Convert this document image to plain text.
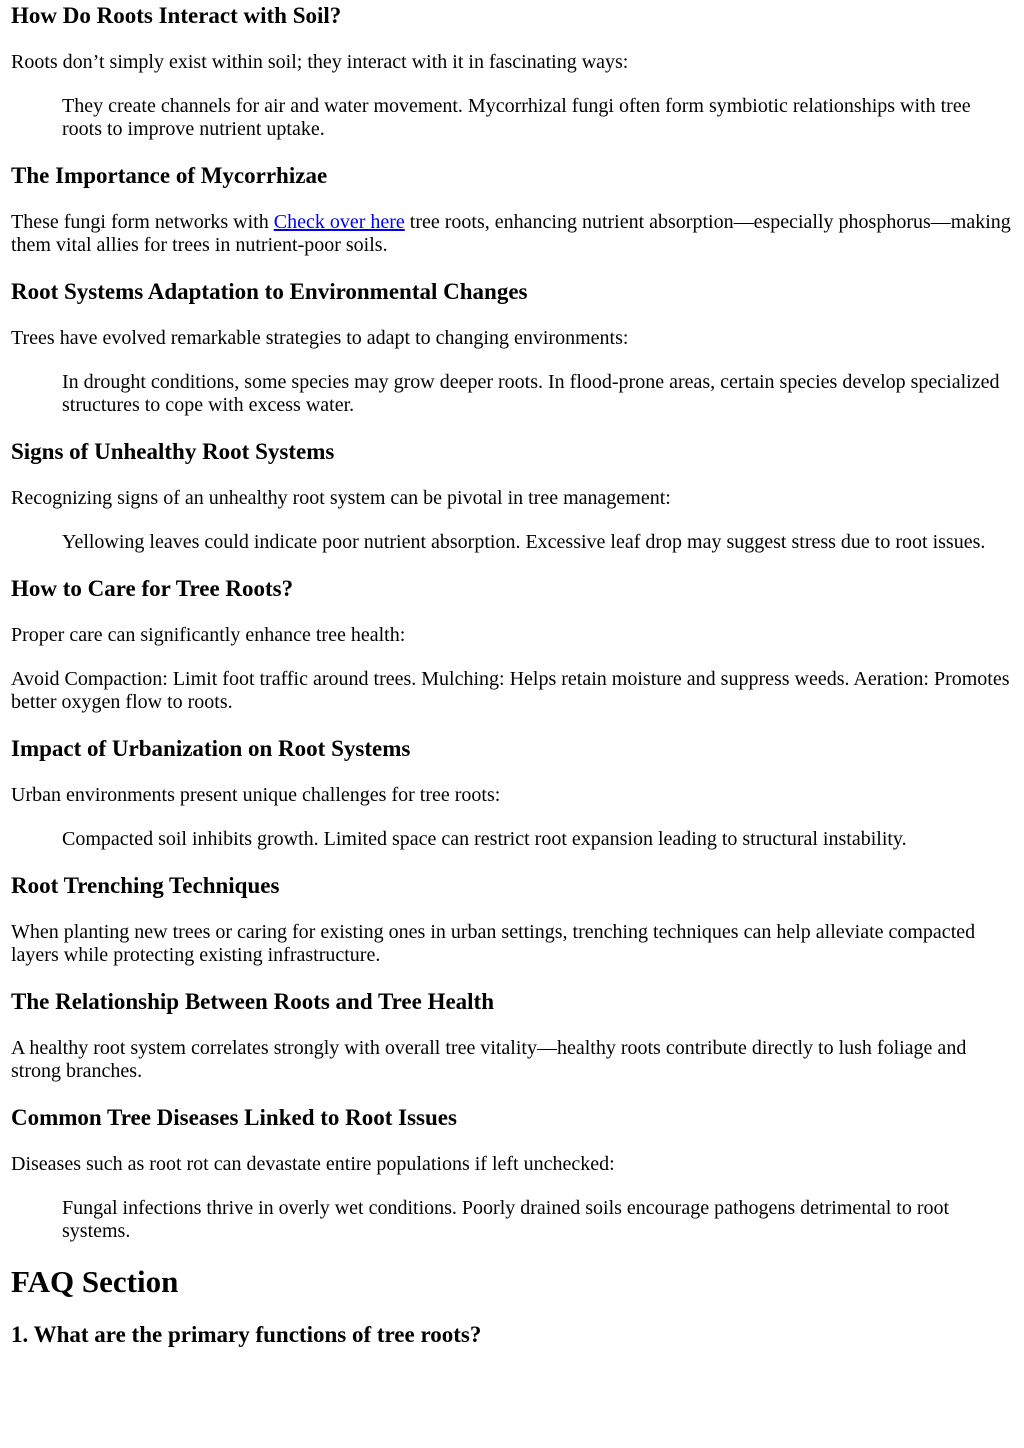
How Do Roots Interact with Soil?

Roots don’t simply exist within soil; they interact with it in fascinating ways:

They create channels for air and water movement. Mycorrhizal fungi often form symbiotic relationships with tree roots to improve nutrient uptake.
The Importance of Mycorrhizae

These fungi form networks with Check over here tree roots, enhancing nutrient absorption—especially phosphorus—making them vital allies for trees in nutrient-poor soils.

Root Systems Adaptation to Environmental Changes

Trees have evolved remarkable strategies to adapt to changing environments:

In drought conditions, some species may grow deeper roots. In flood-prone areas, certain species develop specialized structures to cope with excess water.
Signs of Unhealthy Root Systems

Recognizing signs of an unhealthy root system can be pivotal in tree management:

Yellowing leaves could indicate poor nutrient absorption. Excessive leaf drop may suggest stress due to root issues.
How to Care for Tree Roots?

Proper care can significantly enhance tree health:

Avoid Compaction: Limit foot traffic around trees. Mulching: Helps retain moisture and suppress weeds. Aeration: Promotes better oxygen flow to roots.

Impact of Urbanization on Root Systems

Urban environments present unique challenges for tree roots:

Compacted soil inhibits growth. Limited space can restrict root expansion leading to structural instability.
Root Trenching Techniques

When planting new trees or caring for existing ones in urban settings, trenching techniques can help alleviate compacted layers while protecting existing infrastructure.

The Relationship Between Roots and Tree Health

A healthy root system correlates strongly with overall tree vitality—healthy roots contribute directly to lush foliage and strong branches.

Common Tree Diseases Linked to Root Issues

Diseases such as root rot can devastate entire populations if left unchecked:

Fungal infections thrive in overly wet conditions. Poorly drained soils encourage pathogens detrimental to root systems.
FAQ Section
1. What are the primary functions of tree roots?
